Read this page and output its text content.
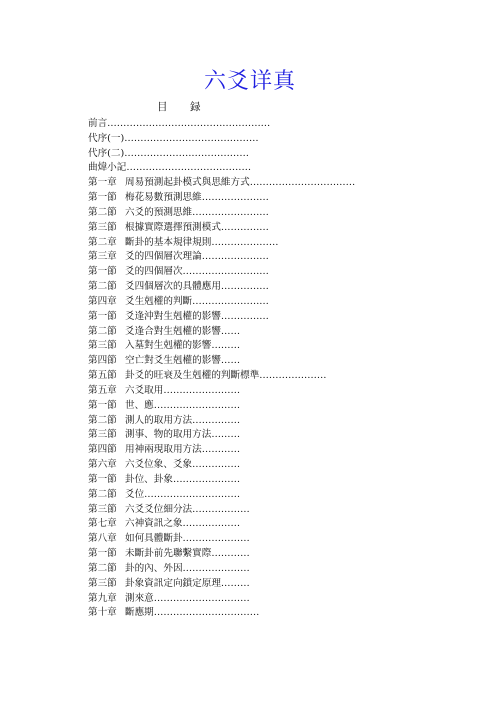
六爻详真
目　録
前言……………………………………………
代序(一)……………………………………
代序(二)…………………………………
曲煒小記…………………………………
第一章 周易預測起卦模式與思維方式……………………………
第一節 梅花易數預測思維…………………
第二節 六爻的預測思維……………………
第三節 根據實際選擇預測模式……………
第二章 斷卦的基本規律規則…………………
第三章 爻的四個層次理論…………………
第一節 爻的四個層次………………………
第二節 爻四個層次的具體應用……………
第四章 爻生剋權的判斷……………………
第一節 爻逢沖對生剋權的影響……………
第二節 爻逢合對生剋權的影響……
第三節 入墓對生剋權的影響………
第四節 空亡對爻生剋權的影響……
第五節 卦爻的旺衰及生剋權的判斷標準…………………
第五章 六爻取用……………………
第一節 世、應………………………
第二節 測人的取用方法……………
第三節 測事、物的取用方法………
第四節 用神兩現取用方法…………
第六章 六爻位象、爻象……………
第一節 卦位、卦象…………………
第二節 爻位…………………………
第三節 六爻爻位細分法………………
第七章 六神資訊之象………………
第八章 如何具體斷卦…………………
第一節 未斷卦前先聯繫實際…………
第二節 卦的內、外因…………………
第三節 卦象資訊定向鎖定原理………
第九章 測來意…………………………
第十章 斷應期……………………………
